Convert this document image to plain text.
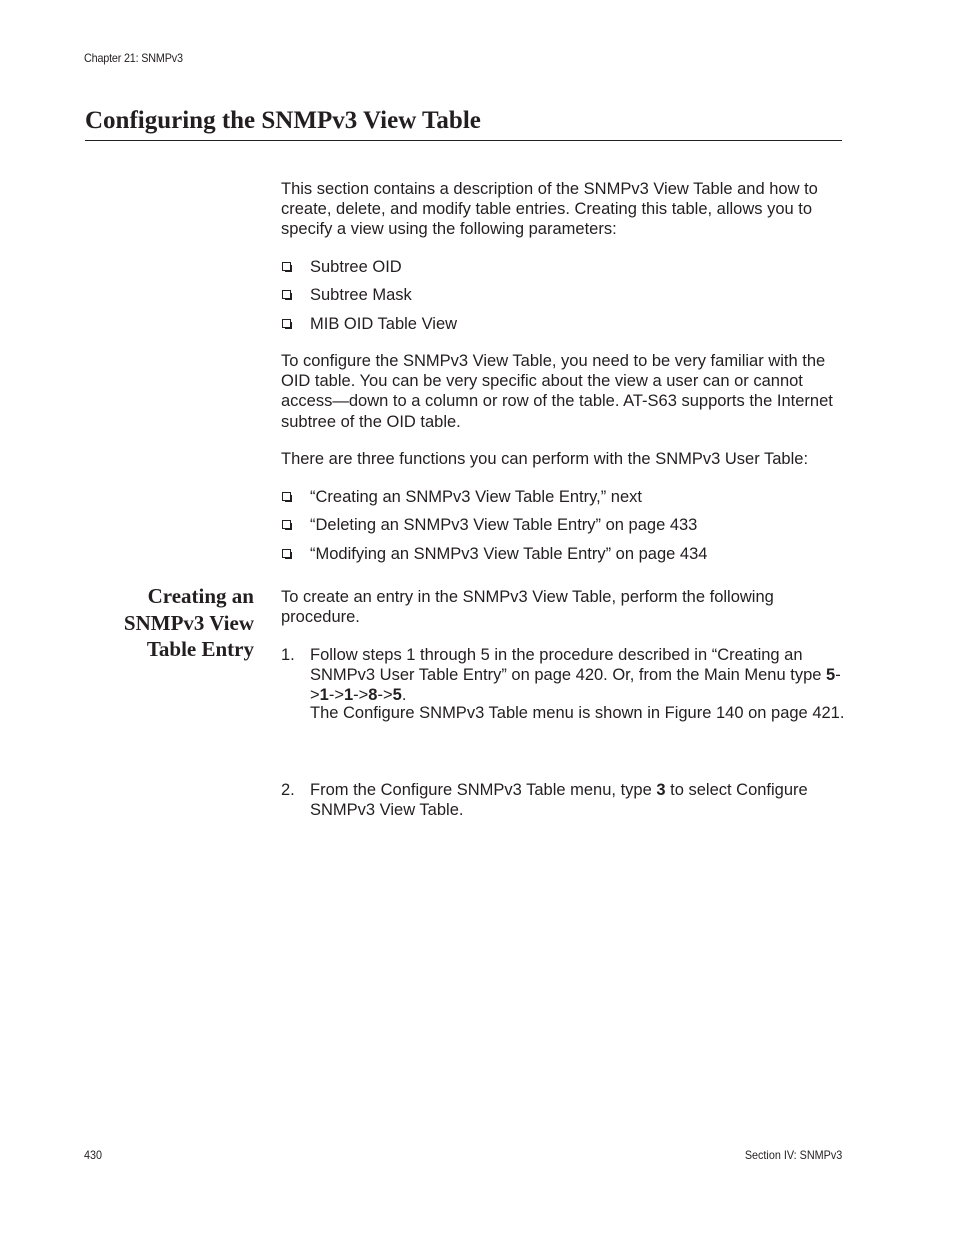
Chapter 21: SNMPv3
Configuring the SNMPv3 View Table

This section contains a description of the SNMPv3 View Table and how to create, delete, and modify table entries. Creating this table, allows you to specify a view using the following parameters:

Subtree OID
Subtree Mask
MIB OID Table View

To configure the SNMPv3 View Table, you need to be very familiar with the OID table. You can be very specific about the view a user can or cannot access—down to a column or row of the table. AT-S63 supports the Internet subtree of the OID table.

There are three functions you can perform with the SNMPv3 User Table:

“Creating an SNMPv3 View Table Entry,” next
“Deleting an SNMPv3 View Table Entry” on page 433
“Modifying an SNMPv3 View Table Entry” on page 434

To create an entry in the SNMPv3 View Table, perform the following procedure.

1. Follow steps 1 through 5 in the procedure described in “Creating an SNMPv3 User Table Entry” on page 420. Or, from the Main Menu type 5->1->1->8->5.
The Configure SNMPv3 Table menu is shown in Figure 140 on page 421.
2. From the Configure SNMPv3 Table menu, type 3 to select Configure SNMPv3 View Table.
Creating an
SNMPv3 View
Table Entry
430	Section IV: SNMPv3
